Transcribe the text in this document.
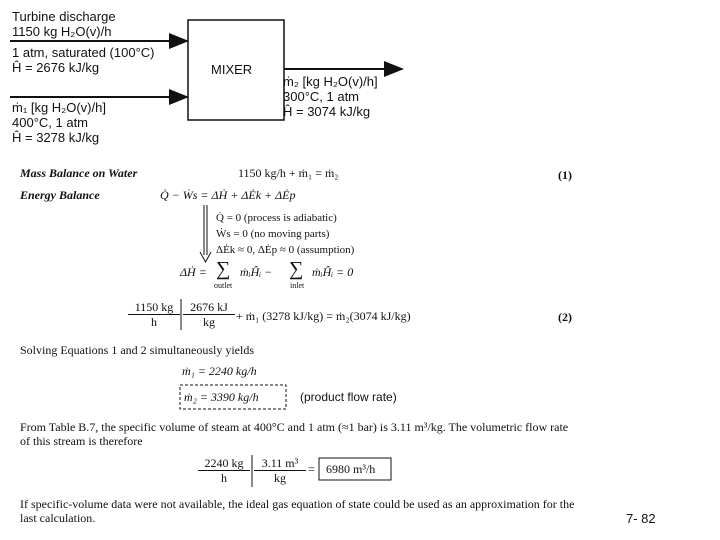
Turbine discharge
1150 kg H₂O(v)/h
1 atm, saturated (100°C)
Ĥ = 2676 kJ/kg
ṁ₁ [kg H₂O(v)/h]
400°C, 1 atm
Ĥ = 3278 kJ/kg
MIXER
ṁ₂ [kg H₂O(v)/h]
300°C, 1 atm
Ĥ = 3074 kJ/kg
Mass Balance on Water	1150 kg/h + ṁ₁ = ṁ₂	(1)
Energy Balance	Q̇ − Ẇs = ΔḢ + ΔĖk + ΔĖp
Q̇ = 0 (process is adiabatic)
Ẇs = 0 (no moving parts)
ΔĖk ≈ 0, ΔĖp ≈ 0 (assumption)
ΔḢ = ∑
outlet
ṁᵢĤᵢ − ∑
inlet
ṁᵢĤᵢ = 0
$\frac{1150 kg}{h} \frac{2676 kJ}{kg}$ + ṁ₁ (3278 kJ/kg) = ṁ₂(3074 kJ/kg)	(2)
Solving Equations 1 and 2 simultaneously yields
ṁ₁ = 2240 kg/h
ṁ₂ = 3390 kg/h	(product flow rate)
From Table B.7, the specific volume of steam at 400°C and 1 atm (≈1 bar) is 3.11 m³/kg. The volumetric flow rate of this stream is therefore
$\frac{2240 kg}{h} \frac{\text{3.11 m³}}{kg} = 6980$ m³/h
If specific-volume data were not available, the ideal gas equation of state could be used as an approximation for the last calculation.	7- 82
